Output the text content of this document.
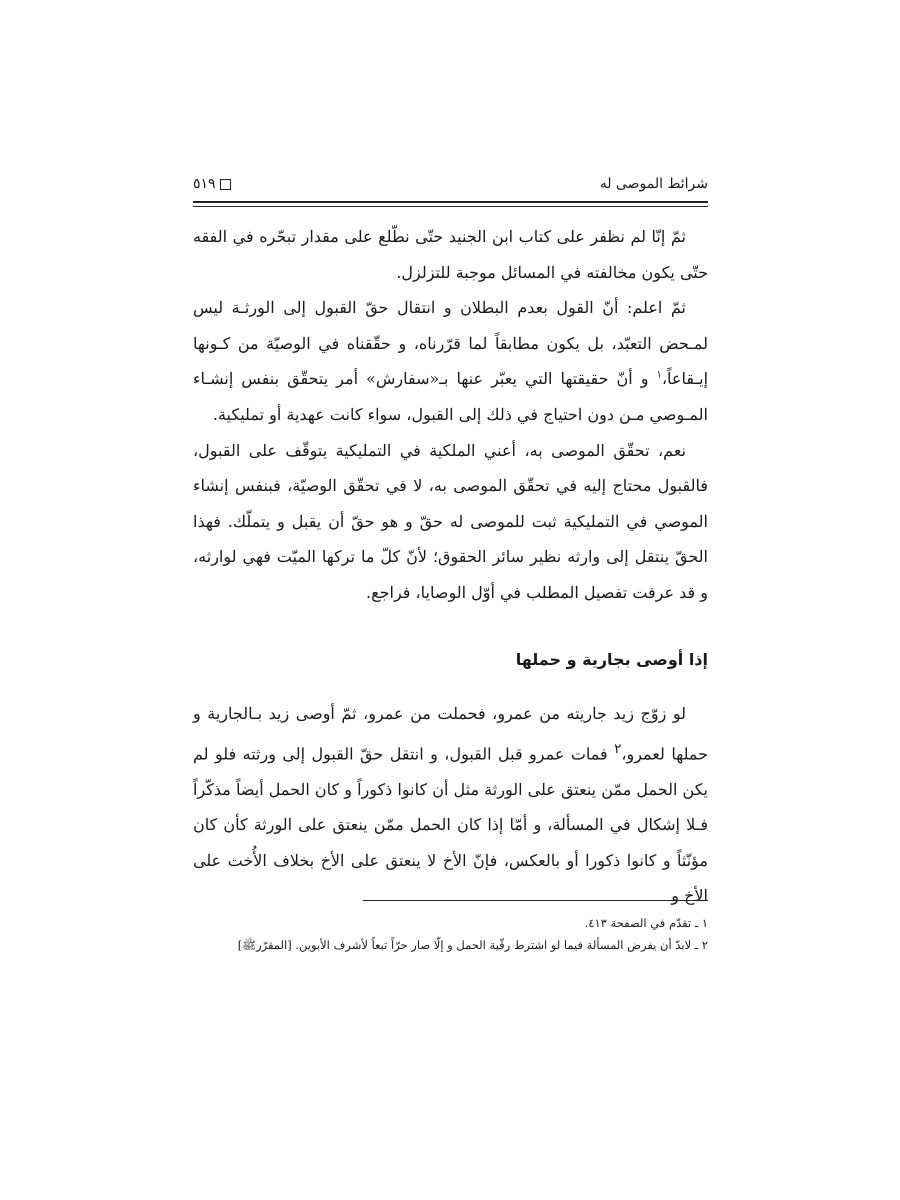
شرائط الموصى له
٥١٩

ثمّ إنّا لم نظفر على كتاب ابن الجنيد حتّى نطّلع على مقدار تبحّره في الفقه حتّى يكون مخالفته في المسائل موجبة للتزلزل.

ثمّ اعلم: أنّ القول بعدم البطلان و انتقال حقّ القبول إلى الورثـة ليس لمـحض التعبّد، بل يكون مطابقاً لما قرّرناه، و حقّقناه في الوصيّة من كـونها إيـقاعاً،$^١$ و أنّ حقيقتها التي يعبّر عنها بـ«سفارش» أمر يتحقّق بنفس إنشـاء المـوصي مـن دون احتياج في ذلك إلى القبول، سواء كانت عهدية أو تمليكية.

نعم، تحقّق الموصى به، أعني الملكية في التمليكية يتوقّف على القبول، فالقبول محتاج إليه في تحقّق الموصى به، لا في تحقّق الوصيّة، فبنفس إنشاء الموصي في التمليكية ثبت للموصى له حقّ و هو حقّ أن يقبل و يتملّك. فهذا الحقّ ينتقل إلى وارثه نظير سائر الحقوق؛ لأنّ كلّ ما تركها الميّت فهي لوارثه، و قد عرفت تفصيل المطلب في أوّل الوصايا، فراجع.

إذا أوصى بجارية و حملها

لو زوّج زيد جاريته من عمرو، فحملت من عمرو، ثمّ أوصى زيد بـالجارية و حملها لعمرو،$^٢$ فمات عمرو قبل القبول، و انتقل حقّ القبول إلى ورثته فلو لم يكن الحمل ممّن ينعتق على الورثة مثل أن كانوا ذكوراً و كان الحمل أيضاً مذكّراً فـلا إشكال في المسألة، و أمّا إذا كان الحمل ممّن ينعتق على الورثة كأن كان مؤنّثاً و كانوا ذكورا أو بالعكس، فإنّ الأخ لا ينعتق على الأخ بخلاف الأُخت على الأخ و

١ ـ تقدّم في الصفحة ٤١٣.
٢ ـ لابدّ أن يفرض المسألة فيما لو اشترط رقّية الحمل و إلّا صار حرّاً تبعاً لأشرف الأبوين. [المقرّرﷺ]
